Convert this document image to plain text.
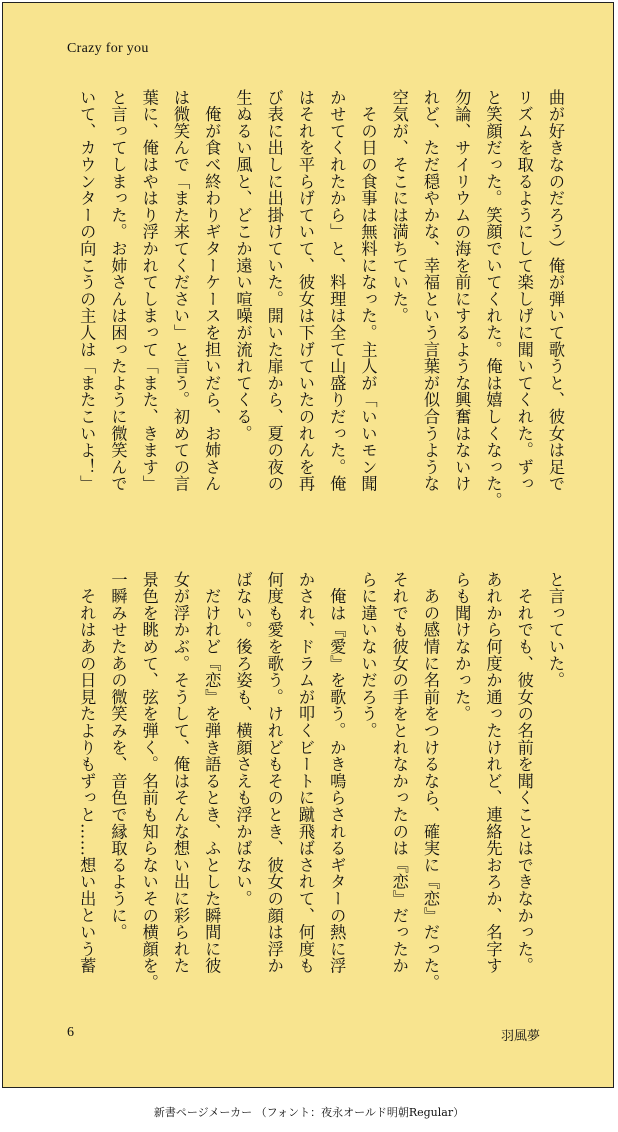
Crazy for you
曲が好きなのだろう）俺が弾いて歌うと、彼女は足で
リズムを取るようにして楽しげに聞いてくれた。ずっ
と笑顔だった。笑顔でいてくれた。俺は嬉しくなった。
勿論、サイリウムの海を前にするような興奮はないけ
れど、ただ穏やかな、幸福という言葉が似合うような
空気が、そこには満ちていた。
　その日の食事は無料になった。主人が「いいモン聞
かせてくれたから」と、料理は全て山盛りだった。俺
はそれを平らげていて、彼女は下げていたのれんを再
び表に出しに出掛けていた。開いた扉から、夏の夜の
生ぬるい風と、どこか遠い喧噪が流れてくる。
　俺が食べ終わりギターケースを担いだら、お姉さん
は微笑んで「また来てください」と言う。初めての言
葉に、俺はやはり浮かれてしまって「また、きます」
と言ってしまった。お姉さんは困ったように微笑んで
いて、カウンターの向こうの主人は「またこいよ！」
と言っていた。
　それでも、彼女の名前を聞くことはできなかった。
あれから何度か通ったけれど、連絡先おろか、名字す
らも聞けなかった。
　あの感情に名前をつけるなら、確実に『恋』だった。
それでも彼女の手をとれなかったのは『恋』だったか
らに違いないだろう。
　俺は『愛』を歌う。かき鳴らされるギターの熱に浮
かされ、ドラムが叩くビートに蹴飛ばされて、何度も
何度も愛を歌う。けれどもそのとき、彼女の顔は浮か
ばない。後ろ姿も、横顔さえも浮かばない。
　だけれど『恋』を弾き語るとき、ふとした瞬間に彼
女が浮かぶ。そうして、俺はそんな想い出に彩られた
景色を眺めて、弦を弾く。名前も知らないその横顔を。
一瞬みせたあの微笑みを、音色で縁取るように。
　それはあの日見たよりもずっと……想い出という蓄
6	羽風夢
新書ページメーカー （フォント：夜永オールド明朝Regular）
